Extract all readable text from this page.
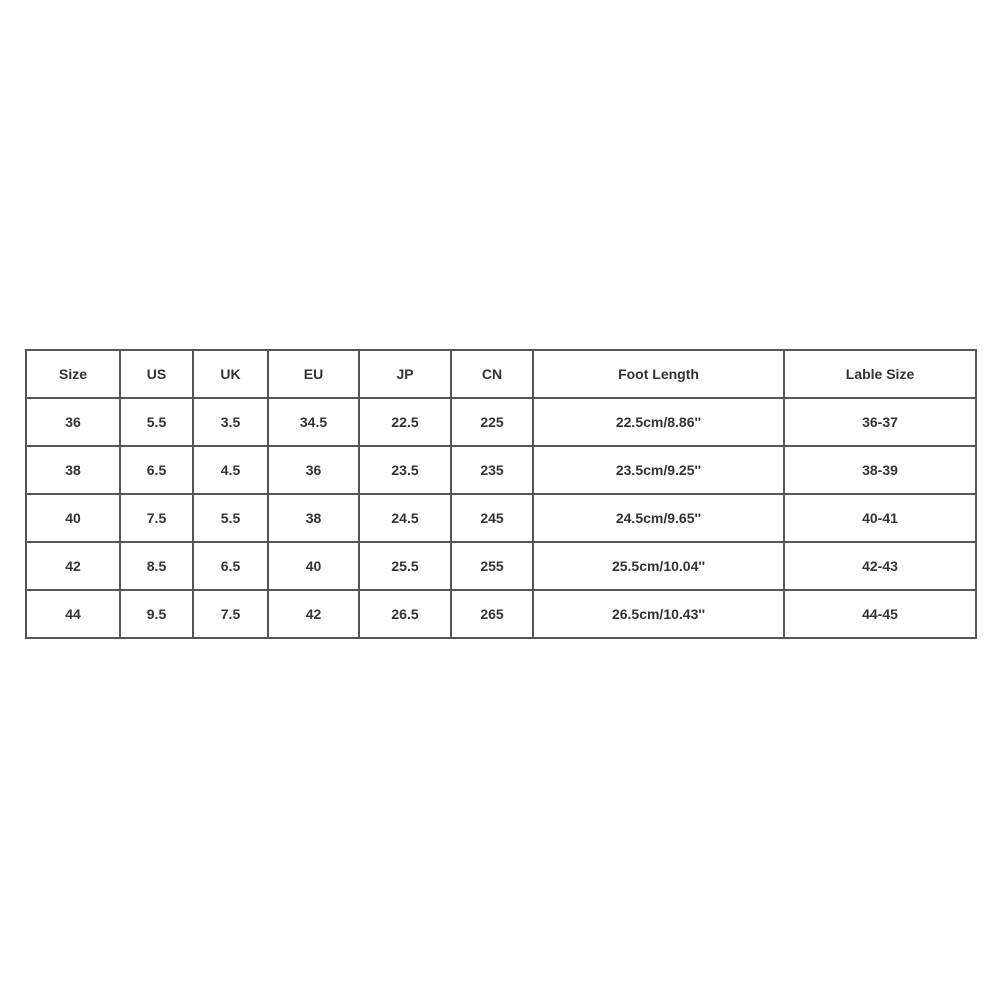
Size	US	UK	EU	JP	CN	Foot Length	Lable Size
36	5.5	3.5	34.5	22.5	225	22.5cm/8.86''	36-37
38	6.5	4.5	36	23.5	235	23.5cm/9.25''	38-39
40	7.5	5.5	38	24.5	245	24.5cm/9.65''	40-41
42	8.5	6.5	40	25.5	255	25.5cm/10.04''	42-43
44	9.5	7.5	42	26.5	265	26.5cm/10.43''	44-45
